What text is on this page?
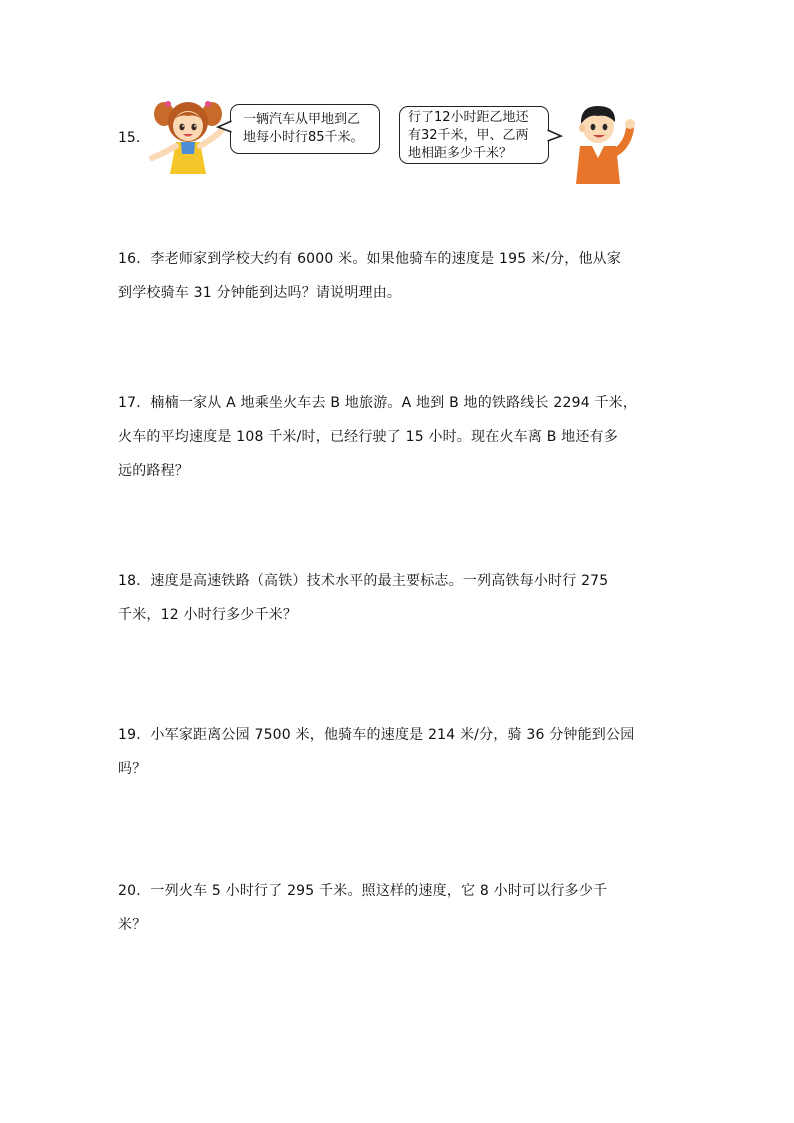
15.
一辆汽车从甲地到乙
地每小时行85千米。
行了12小时距乙地还
有32千米，甲、乙两
地相距多少千米？
16．李老师家到学校大约有 6000 米。如果他骑车的速度是 195 米/分，他从家
到学校骑车 31 分钟能到达吗？请说明理由。
17．楠楠一家从 A 地乘坐火车去 B 地旅游。A 地到 B 地的铁路线长 2294 千米，
火车的平均速度是 108 千米/时，已经行驶了 15 小时。现在火车离 B 地还有多
远的路程？
18．速度是高速铁路（高铁）技术水平的最主要标志。一列高铁每小时行 275
千米，12 小时行多少千米？
19．小军家距离公园 7500 米，他骑车的速度是 214 米/分，骑 36 分钟能到公园
吗？
20．一列火车 5 小时行了 295 千米。照这样的速度，它 8 小时可以行多少千
米？
